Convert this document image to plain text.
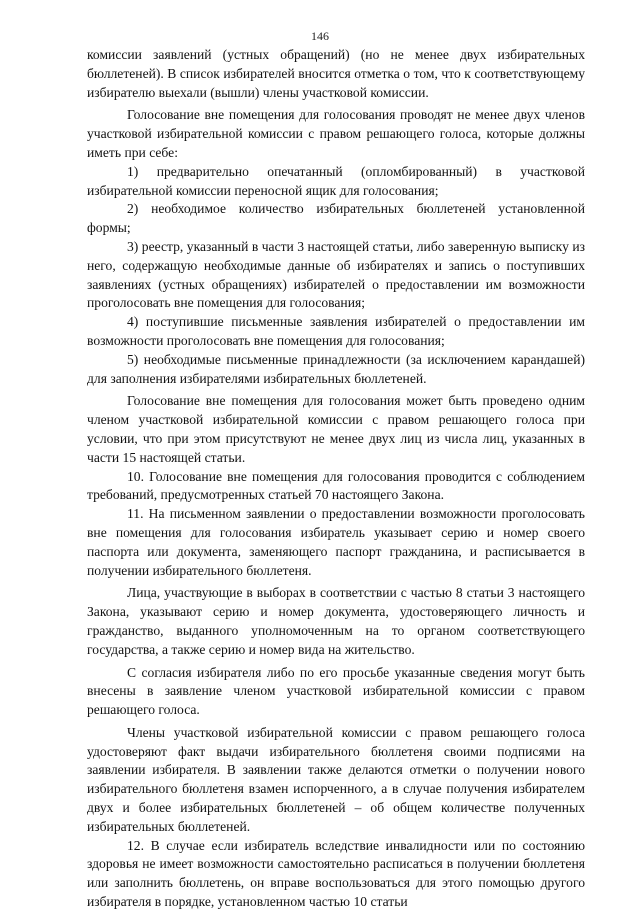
146

комиссии заявлений (устных обращений) (но не менее двух избирательных бюллетеней). В список избирателей вносится отметка о том, что к соответствующему избирателю выехали (вышли) члены участковой комиссии.

Голосование вне помещения для голосования проводят не менее двух членов участковой избирательной комиссии с правом решающего голоса, которые должны иметь при себе:

1) предварительно опечатанный (опломбированный) в участковой избирательной комиссии переносной ящик для голосования;

2) необходимое количество избирательных бюллетеней установленной формы;

3) реестр, указанный в части 3 настоящей статьи, либо заверенную выписку из него, содержащую необходимые данные об избирателях и запись о поступивших заявлениях (устных обращениях) избирателей о предоставлении им возможности проголосовать вне помещения для голосования;

4) поступившие письменные заявления избирателей о предоставлении им возможности проголосовать вне помещения для голосования;

5) необходимые письменные принадлежности (за исключением карандашей) для заполнения избирателями избирательных бюллетеней.

Голосование вне помещения для голосования может быть проведено одним членом участковой избирательной комиссии с правом решающего голоса при условии, что при этом присутствуют не менее двух лиц из числа лиц, указанных в части 15 настоящей статьи.

10. Голосование вне помещения для голосования проводится с соблюдением требований, предусмотренных статьей 70 настоящего Закона.

11. На письменном заявлении о предоставлении возможности проголосовать вне помещения для голосования избиратель указывает серию и номер своего паспорта или документа, заменяющего паспорт гражданина, и расписывается в получении избирательного бюллетеня.

Лица, участвующие в выборах в соответствии с частью 8 статьи 3 настоящего Закона, указывают серию и номер документа, удостоверяющего личность и гражданство, выданного уполномоченным на то органом соответствующего государства, а также серию и номер вида на жительство.

С согласия избирателя либо по его просьбе указанные сведения могут быть внесены в заявление членом участковой избирательной комиссии с правом решающего голоса.

Члены участковой избирательной комиссии с правом решающего голоса удостоверяют факт выдачи избирательного бюллетеня своими подписями на заявлении избирателя. В заявлении также делаются отметки о получении нового избирательного бюллетеня взамен испорченного, а в случае получения избирателем двух и более избирательных бюллетеней – об общем количестве полученных избирательных бюллетеней.

12. В случае если избиратель вследствие инвалидности или по состоянию здоровья не имеет возможности самостоятельно расписаться в получении бюллетеня или заполнить бюллетень, он вправе воспользоваться для этого помощью другого избирателя в порядке, установленном частью 10 статьи
